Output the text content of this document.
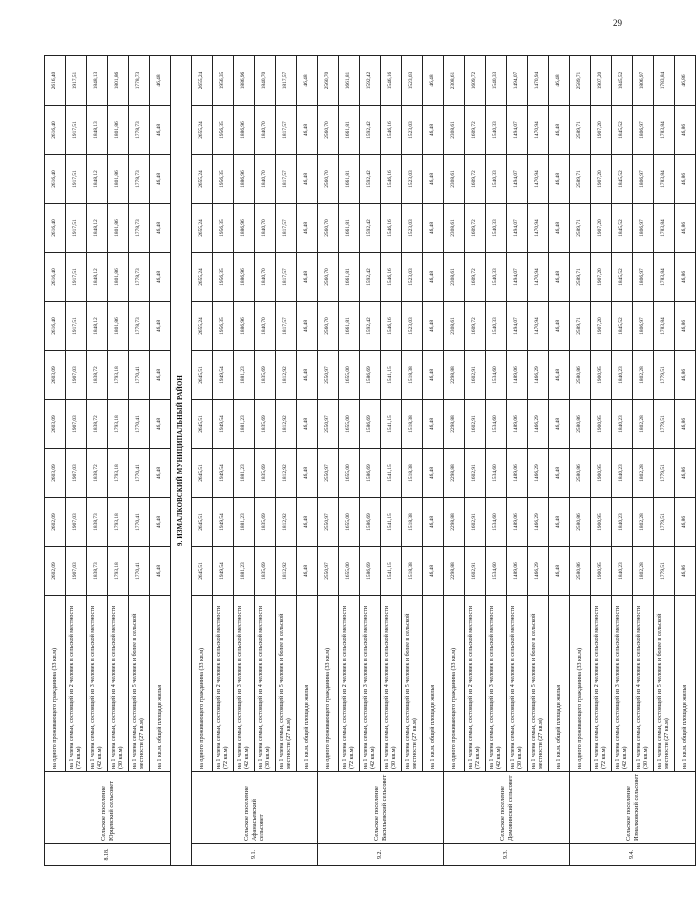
29
8.18.	Сельское поселение Юрцевский сельсовет	на одного проживающего гражданина (33 кв.м)	2602,09	2602,09	2603,09	2603,09	2603,09	2616,40	2616,40	2616,40	2616,40	2616,40	2616,40
		на 1 члена семьи, состоящей из 2 человек в сельской местности (72 кв.м)	1907,03	1907,03	1907,03	1907,03	1907,03	1917,51	1917,51	1917,51	1917,51	1917,51	1917,51
		на 1 члена семьи, состоящей из 3 человек в сельской местности (42 кв.м)	1838,73	1838,73	1838,72	1838,72	1838,72	1848,12	1848,12	1848,12	1848,12	1848,13	1848,13
		на 1 члена семьи, состоящей из 4 человек в сельской местности (30 кв.м)	1793,18	1793,18	1793,18	1793,18	1793,18	1801,86	1801,86	1801,86	1801,86	1801,86	1801,86
		на 1 члена семьи, состоящей из 5 человек и более в сельской местности (27 кв.м)	1770,41	1770,41	1770,41	1770,41	1770,41	1778,73	1778,73	1778,73	1778,73	1778,73	1778,73
		на 1 кв.м. общей площади жилья	46,48	46,48	46,48	46,48	46,48	46,48	46,48	46,48	46,48	46,48	46,48
9. ИЗМАЛКОВСКИЙ МУНИЦИПАЛЬНЫЙ РАЙОН													
9.1.	Сельское поселение Афанасьевский сельсовет	на одного проживающего гражданина (33 кв.м)	2645,51	2645,51	2645,51	2645,51	2645,51	2655,24	2655,24	2655,24	2655,24	2655,24	2655,24
		на 1 члена семьи, состоящей из 2 человек в сельской местности (72 кв.м)	1949,54	1949,54	1949,54	1949,54	1949,54	1956,35	1956,35	1956,35	1956,35	1956,35	1956,35
		на 1 члена семьи, состоящей из 3 человек в сельской местности (42 кв.м)	1881,23	1881,23	1881,23	1881,23	1881,23	1886,96	1886,96	1886,96	1886,96	1886,96	1886,96
		на 1 члена семьи, состоящей из 4 человек в сельской местности (30 кв.м)	1835,69	1835,69	1835,69	1835,69	1835,69	1840,70	1840,70	1840,70	1840,70	1840,70	1840,70
		на 1 члена семьи, состоящей из 5 человек и более в сельской местности (27 кв.м)	1812,92	1812,92	1812,92	1812,92	1812,92	1817,57	1817,57	1817,57	1817,57	1817,57	1817,57
		на 1 кв.м. общей площади жилья	46,48	46,48	46,48	46,48	46,48	46,48	46,48	46,48	46,48	46,48	46,48
9.2.	Сельское поселение Васильевский сельсовет	на одного проживающего гражданина (33 кв.м)	2550,97	2550,97	2550,97	2550,97	2550,97	2560,70	2560,70	2560,70	2560,70	2560,70	2560,70
		на 1 члена семьи, состоящей из 2 человек в сельской местности (72 кв.м)	1655,00	1655,00	1655,00	1655,00	1655,00	1661,81	1661,81	1661,81	1661,81	1661,81	1661,81
		на 1 члена семьи, состоящей из 3 человек в сельской местности (42 кв.м)	1586,69	1586,69	1586,69	1586,69	1586,69	1592,42	1592,42	1592,42	1592,42	1592,42	1592,42
		на 1 члена семьи, состоящей из 4 человек в сельской местности (30 кв.м)	1541,15	1541,15	1541,15	1541,15	1541,15	1546,16	1546,16	1546,16	1546,16	1546,16	1546,16
		на 1 члена семьи, состоящей из 5 человек и более в сельской местности (27 кв.м)	1518,38	1518,38	1518,38	1518,38	1518,38	1523,03	1523,03	1523,03	1523,03	1523,03	1523,03
		на 1 кв.м. общей площади жилья	46,48	46,48	46,48	46,48	46,48	46,48	46,48	46,48	46,48	46,48	46,48
9.3.	Сельское поселение Домовинский сельсовет	на одного проживающего гражданина (33 кв.м)	2298,88	2298,88	2298,88	2298,88	2298,88	2308,61	2308,61	2308,61	2308,61	2308,61	2308,61
		на 1 члена семьи, состоящей из 2 человек в сельской местности (72 кв.м)	1602,91	1602,91	1602,91	1602,91	1602,91	1609,72	1609,72	1609,72	1609,72	1609,72	1609,72
		на 1 члена семьи, состоящей из 3 человек в сельской местности (42 кв.м)	1534,60	1534,60	1534,60	1534,60	1534,60	1540,33	1540,33	1540,33	1540,33	1540,33	1540,33
		на 1 члена семьи, состоящей из 4 человек в сельской местности (30 кв.м)	1489,06	1489,06	1489,06	1489,06	1489,06	1494,07	1494,07	1494,07	1494,07	1494,07	1494,07
		на 1 члена семьи, состоящей из 5 человек и более в сельской местности (27 кв.м)	1466,29	1466,29	1466,29	1466,29	1466,29	1470,94	1470,94	1470,94	1470,94	1470,94	1470,94
		на 1 кв.м. общей площади жилья	46,48	46,48	46,48	46,48	46,48	46,48	46,48	46,48	46,48	46,48	46,48
9.4.	Сельское поселение Измалковский сельсовет	на одного проживающего гражданина (33 кв.м)	2580,86	2580,86	2580,86	2580,86	2580,86	2589,71	2589,71	2589,71	2589,71	2589,71	2589,71
		на 1 члена семьи, состоящей из 2 человек в сельской местности (72 кв.м)	1900,95	1900,95	1900,95	1900,95	1900,95	1907,20	1907,20	1907,20	1907,20	1907,20	1907,20
		на 1 члена семьи, состоящей из 3 человек в сельской местности (42 кв.м)	1840,23	1840,23	1840,23	1840,23	1840,23	1845,52	1845,52	1845,52	1845,52	1845,52	1845,52
		на 1 члена семьи, состоящей из 4 человек в сельской местности (30 кв.м)	1802,28	1802,28	1802,28	1802,28	1802,28	1806,97	1806,97	1806,97	1806,97	1806,97	1806,97
		на 1 члена семьи, состоящей из 5 человек и более в сельской местности (27 кв.м)	1779,51	1779,51	1779,51	1779,51	1779,51	1783,84	1783,84	1783,84	1783,84	1783,84	1783,84
		на 1 кв.м. общей площади жилья	46,86	46,86	46,86	46,86	46,86	46,86	46,86	46,86	46,86	46,86	46,86
